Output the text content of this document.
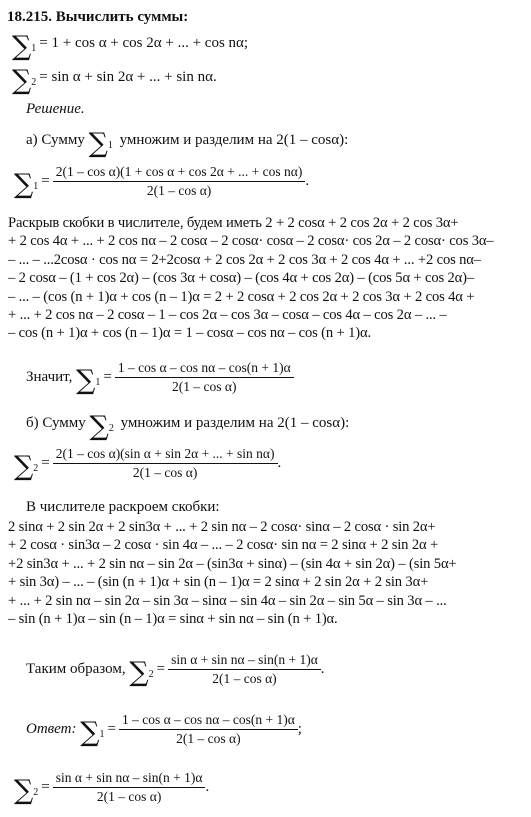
18.215. Вычислить суммы:
∑ 1 = 1 + cos α + cos 2α + ... + cos nα;
∑ 2 = sin α + sin 2α + ... + sin nα.
Решение.
а) Сумму
∑ 1
умножим и разделим на 2(1 – cosα):
∑ $1 = \frac{\text{2(1 – cos α)(1 + cos α + cos 2α + ... + cos nα)}}{\text{2(1 – cos α)}}$ .
Раскрыв скобки в числителе, будем иметь 2 + 2 cosα + 2 cos 2α + 2 cos 3α+
+ 2 cos 4α + ... + 2 cos nα – 2 cosα – 2 cosα· cosα – 2 cosα· cos 2α – 2 cosα· cos 3α–
– ... – ...2cosα · cos nα = 2+2cosα + 2 cos 2α + 2 cos 3α + 2 cos 4α + ... +2 cos nα–
– 2 cosα – (1 + cos 2α) – (cos 3α + cosα) – (cos 4α + cos 2α) – (cos 5α + cos 2α)–
– ... – (cos (n + 1)α + cos (n – 1)α = 2 + 2 cosα + 2 cos 2α + 2 cos 3α + 2 cos 4α +
+ ... + 2 cos nα – 2 cosα – 1 – cos 2α – cos 3α – cosα – cos 4α – cos 2α – ... –
– cos (n + 1)α + cos (n – 1)α = 1 – cosα – cos nα – cos (n + 1)α.
Значит,
∑ $1 = \frac{\text{1 – cos α – cos nα – cos(n + 1)α}}{\text{2(1 – cos α)}}$
б) Сумму
∑ 2
умножим и разделим на 2(1 – cosα):
∑ $2 = \frac{\text{2(1 – cos α)(sin α + sin 2α + ... + sin nα)}}{\text{2(1 – cos α)}}$ .
В числителе раскроем скобки:
2 sinα + 2 sin 2α + 2 sin3α + ... + 2 sin nα – 2 cosα· sinα – 2 cosα · sin 2α+
+ 2 cosα · sin3α – 2 cosα · sin 4α – ... – 2 cosα· sin nα = 2 sinα + 2 sin 2α +
+2 sin3α + ... + 2 sin nα – sin 2α – (sin3α + sinα) – (sin 4α + sin 2α) – (sin 5α+
+ sin 3α) – ... – (sin (n + 1)α + sin (n – 1)α = 2 sinα + 2 sin 2α + 2 sin 3α+
+ ... + 2 sin nα – sin 2α – sin 3α – sinα – sin 4α – sin 2α – sin 5α – sin 3α – ...
– sin (n + 1)α – sin (n – 1)α = sinα + sin nα – sin (n + 1)α.
Таким образом,
∑ $2 = \frac{\text{sin α + sin nα – sin(n + 1)α}}{\text{2(1 – cos α)}}$ .
Ответ:
∑ $1 = \frac{\text{1 – cos α – cos nα – cos(n + 1)α}}{\text{2(1 – cos α)}}$ ;
∑ $2 = \frac{\text{sin α + sin nα – sin(n + 1)α}}{\text{2(1 – cos α)}}$ .
